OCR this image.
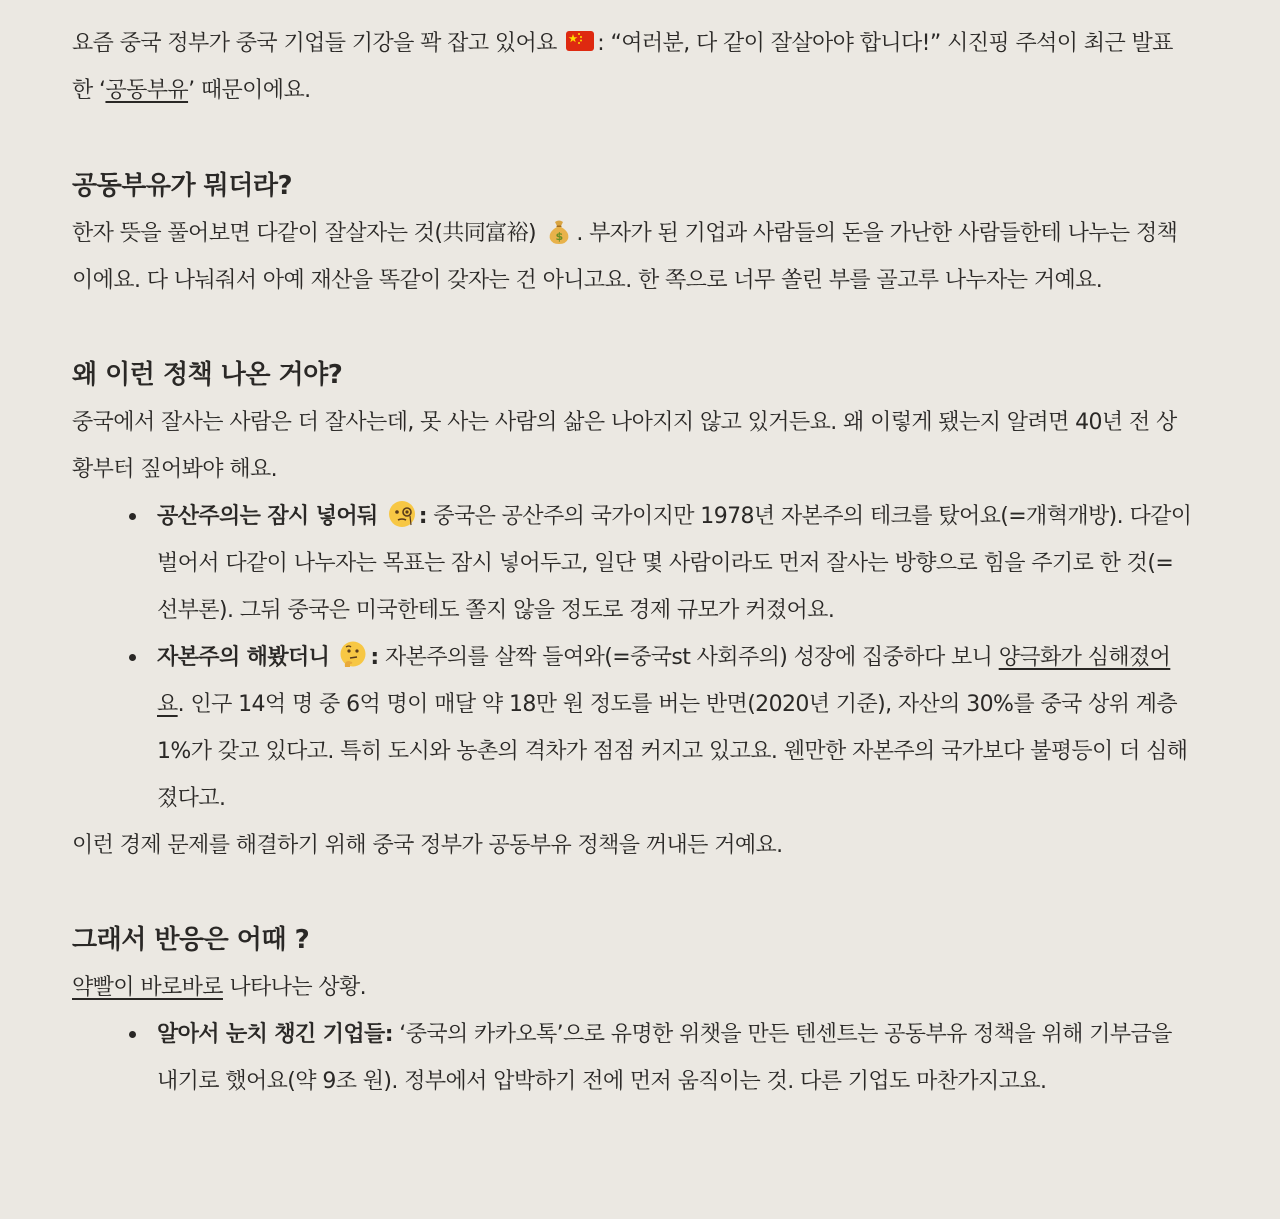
요즘 중국 정부가 중국 기업들 기강을 꽉 잡고 있어요
: “여러분, 다 같이 잘살아야 합니다!” 시진핑 주석이 최근 발표한 ‘공동부유’ 때문이에요.

공동부유가 뭐더라?

한자 뜻을 풀어보면 다같이 잘살자는 것(共同富裕) $ . 부자가 된 기업과 사람들의 돈을 가난한 사람들한테 나누는 정책이에요. 다 나눠줘서 아예 재산을 똑같이 갖자는 건 아니고요. 한 쪽으로 너무 쏠린 부를 골고루 나누자는 거예요.

왜 이런 정책 나온 거야?

중국에서 잘사는 사람은 더 잘사는데, 못 사는 사람의 삶은 나아지지 않고 있거든요. 왜 이렇게 됐는지 알려면 40년 전 상황부터 짚어봐야 해요.

공산주의는 잠시 넣어둬
: 중국은 공산주의 국가이지만 1978년 자본주의 테크를 탔어요(=개혁개방). 다같이 벌어서 다같이 나누자는 목표는 잠시 넣어두고, 일단 몇 사람이라도 먼저 잘사는 방향으로 힘을 주기로 한 것(=선부론). 그뒤 중국은 미국한테도 쫄지 않을 정도로 경제 규모가 커졌어요.
자본주의 해봤더니
: 자본주의를 살짝 들여와(=중국st 사회주의) 성장에 집중하다 보니 양극화가 심해졌어요. 인구 14억 명 중 6억 명이 매달 약 18만 원 정도를 버는 반면(2020년 기준), 자산의 30%를 중국 상위 계층 1%가 갖고 있다고. 특히 도시와 농촌의 격차가 점점 커지고 있고요. 웬만한 자본주의 국가보다 불평등이 더 심해졌다고.

이런 경제 문제를 해결하기 위해 중국 정부가 공동부유 정책을 꺼내든 거예요.

그래서 반응은 어때 ?

약빨이 바로바로 나타나는 상황.

알아서 눈치 챙긴 기업들: ‘중국의 카카오톡’으로 유명한 위챗을 만든 텐센트는 공동부유 정책을 위해 기부금을 내기로 했어요(약 9조 원). 정부에서 압박하기 전에 먼저 움직이는 것. 다른 기업도 마찬가지고요.
